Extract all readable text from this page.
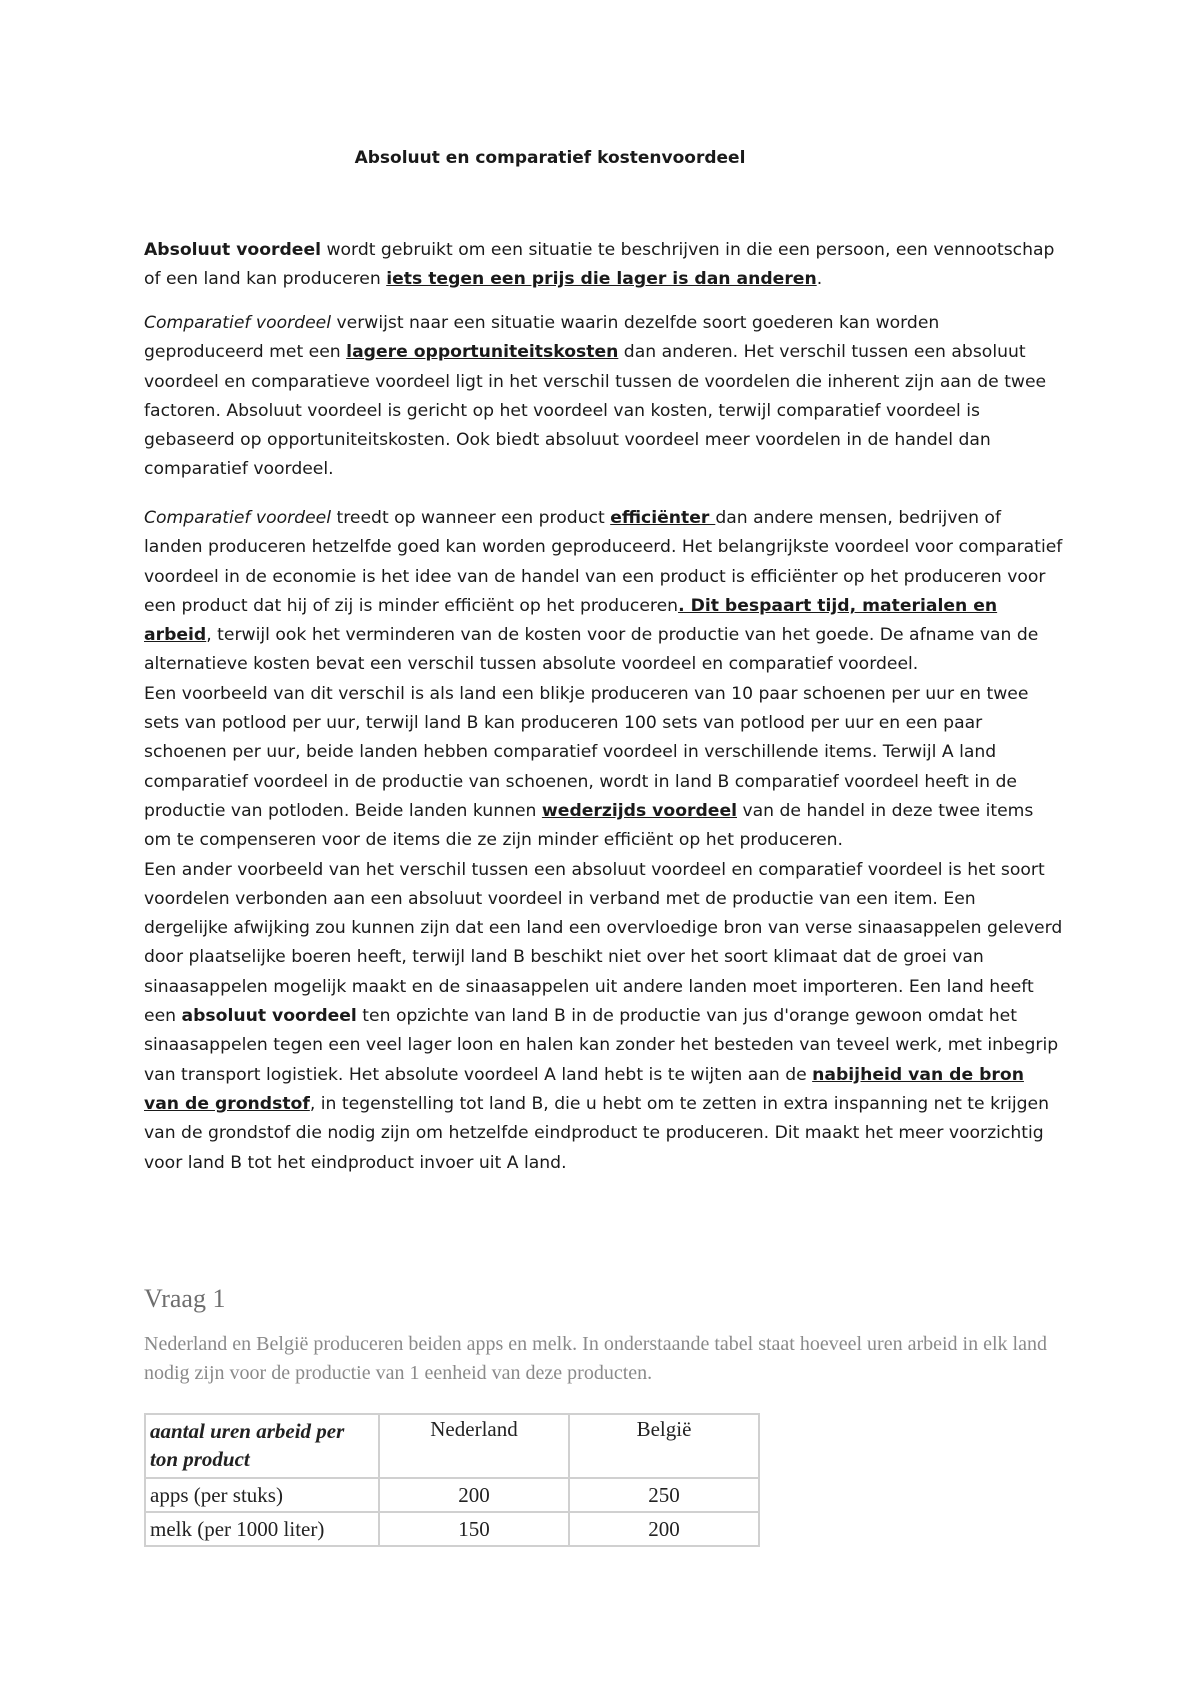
Absoluut en comparatief kostenvoordeel

Absoluut voordeel wordt gebruikt om een situatie te beschrijven in die een persoon, een vennootschap of een land kan produceren iets tegen een prijs die lager is dan anderen.

Comparatief voordeel verwijst naar een situatie waarin dezelfde soort goederen kan worden geproduceerd met een lagere opportuniteitskosten dan anderen. Het verschil tussen een absoluut voordeel en comparatieve voordeel ligt in het verschil tussen de voordelen die inherent zijn aan de twee factoren. Absoluut voordeel is gericht op het voordeel van kosten, terwijl comparatief voordeel is gebaseerd op opportuniteitskosten. Ook biedt absoluut voordeel meer voordelen in de handel dan comparatief voordeel.

Comparatief voordeel treedt op wanneer een product efficiënter dan andere mensen, bedrijven of landen produceren hetzelfde goed kan worden geproduceerd. Het belangrijkste voordeel voor comparatief voordeel in de economie is het idee van de handel van een product is efficiënter op het produceren voor een product dat hij of zij is minder efficiënt op het produceren. Dit bespaart tijd, materialen en arbeid, terwijl ook het verminderen van de kosten voor de productie van het goede. De afname van de alternatieve kosten bevat een verschil tussen absolute voordeel en comparatief voordeel.

Een voorbeeld van dit verschil is als land een blikje produceren van 10 paar schoenen per uur en twee sets van potlood per uur, terwijl land B kan produceren 100 sets van potlood per uur en een paar schoenen per uur, beide landen hebben comparatief voordeel in verschillende items. Terwijl A land comparatief voordeel in de productie van schoenen, wordt in land B comparatief voordeel heeft in de productie van potloden. Beide landen kunnen wederzijds voordeel van de handel in deze twee items om te compenseren voor de items die ze zijn minder efficiënt op het produceren.

Een ander voorbeeld van het verschil tussen een absoluut voordeel en comparatief voordeel is het soort voordelen verbonden aan een absoluut voordeel in verband met de productie van een item. Een dergelijke afwijking zou kunnen zijn dat een land een overvloedige bron van verse sinaasappelen geleverd door plaatselijke boeren heeft, terwijl land B beschikt niet over het soort klimaat dat de groei van sinaasappelen mogelijk maakt en de sinaasappelen uit andere landen moet importeren. Een land heeft een absoluut voordeel ten opzichte van land B in de productie van jus d'orange gewoon omdat het sinaasappelen tegen een veel lager loon en halen kan zonder het besteden van teveel werk, met inbegrip van transport logistiek. Het absolute voordeel A land hebt is te wijten aan de nabijheid van de bron van de grondstof, in tegenstelling tot land B, die u hebt om te zetten in extra inspanning net te krijgen van de grondstof die nodig zijn om hetzelfde eindproduct te produceren. Dit maakt het meer voorzichtig voor land B tot het eindproduct invoer uit A land.

Vraag 1
Nederland en België produceren beiden apps en melk. In onderstaande tabel staat hoeveel uren arbeid in elk land nodig zijn voor de productie van 1 eenheid van deze producten.
aantal uren arbeid per ton product	Nederland	België
apps (per stuks)	200	250
melk (per 1000 liter)	150	200
